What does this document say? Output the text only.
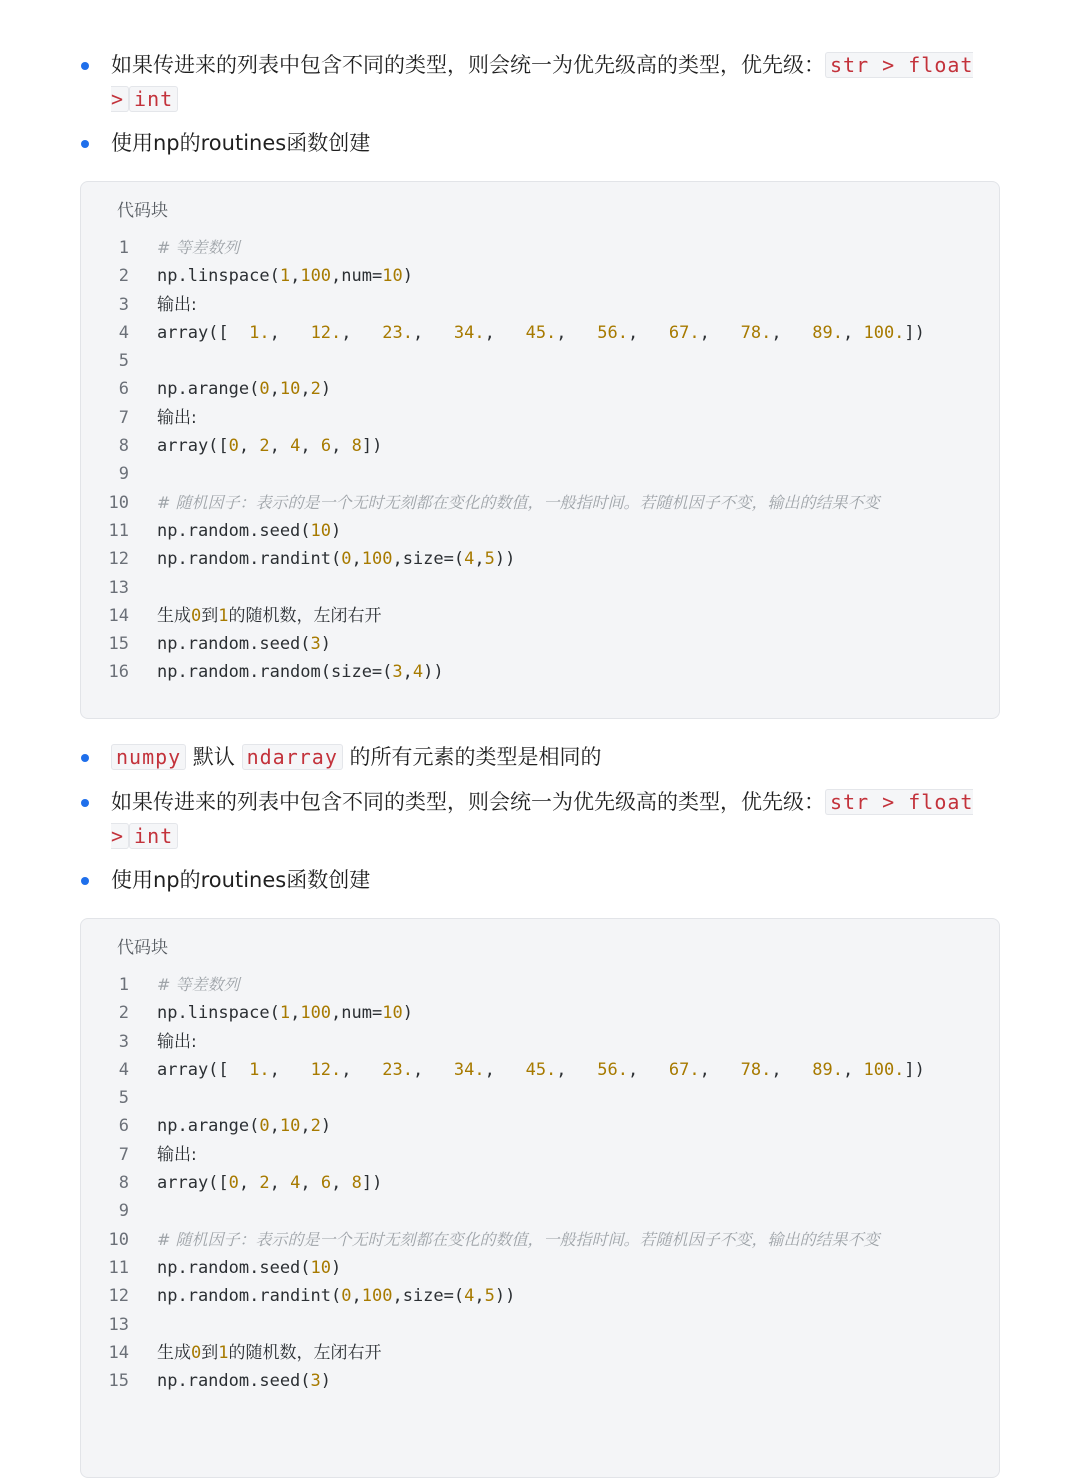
如果传进来的列表中包含不同的类型，则会统一为优先级高的类型，优先级： str > float > int
使用np的routines函数创建
代码块
1 # 等差数列
2 np.linspace(1,100,num=10)
3 输出:
4 array([  1.,   12.,   23.,   34.,   45.,   56.,   67.,   78.,   89., 100.])
5
6 np.arange(0,10,2)
7 输出:
8 array([0, 2, 4, 6, 8])
9
10 # 随机因子：表示的是一个无时无刻都在变化的数值，一般指时间。若随机因子不变，输出的结果不变
11 np.random.seed(10)
12 np.random.randint(0,100,size=(4,5))
13
14 生成0到1的随机数，左闭右开
15 np.random.seed(3)
16 np.random.random(size=(3,4))
numpy 默认 ndarray 的所有元素的类型是相同的
如果传进来的列表中包含不同的类型，则会统一为优先级高的类型，优先级： str > float > int
使用np的routines函数创建
代码块
1 # 等差数列
2 np.linspace(1,100,num=10)
3 输出:
4 array([  1.,   12.,   23.,   34.,   45.,   56.,   67.,   78.,   89., 100.])
5
6 np.arange(0,10,2)
7 输出:
8 array([0, 2, 4, 6, 8])
9
10 # 随机因子：表示的是一个无时无刻都在变化的数值，一般指时间。若随机因子不变，输出的结果不变
11 np.random.seed(10)
12 np.random.randint(0,100,size=(4,5))
13
14 生成0到1的随机数，左闭右开
15 np.random.seed(3)
